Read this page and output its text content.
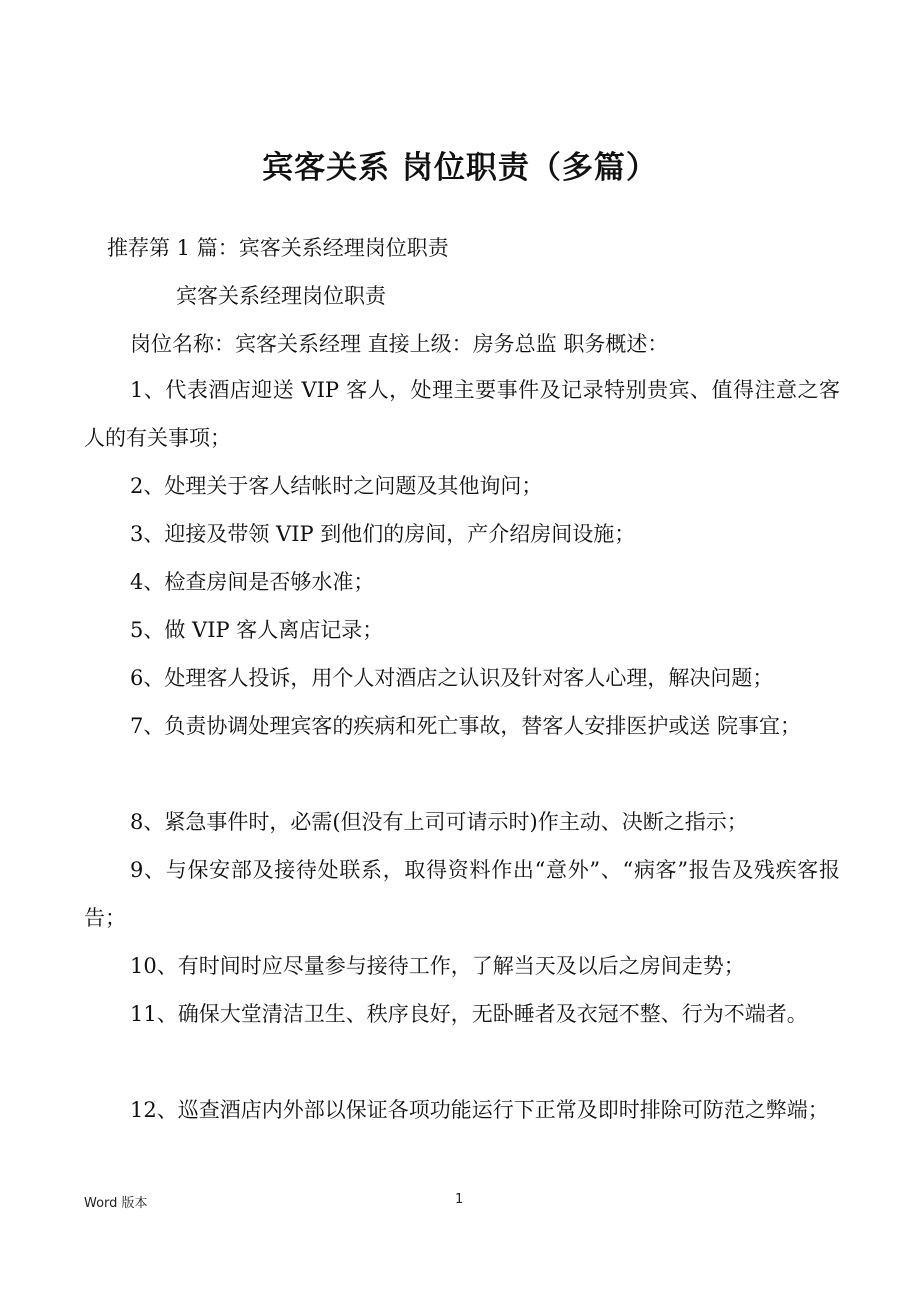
宾客关系 岗位职责（多篇）

推荐第 1 篇：宾客关系经理岗位职责

宾客关系经理岗位职责

岗位名称：宾客关系经理 直接上级：房务总监 职务概述：

1、代表酒店迎送 VIP 客人，处理主要事件及记录特别贵宾、值得注意之客人的有关事项；

2、处理关于客人结帐时之问题及其他询问；

3、迎接及带领 VIP 到他们的房间，产介绍房间设施；

4、检查房间是否够水准；

5、做 VIP 客人离店记录；

6、处理客人投诉，用个人对酒店之认识及针对客人心理，解决问题；

7、负责协调处理宾客的疾病和死亡事故，替客人安排医护或送 院事宜；

8、紧急事件时，必需(但没有上司可请示时)作主动、决断之指示；

9、与保安部及接待处联系，取得资料作出“意外”、“病客”报告及残疾客报告；

10、有时间时应尽量参与接待工作，了解当天及以后之房间走势；

11、确保大堂清洁卫生、秩序良好，无卧睡者及衣冠不整、行为不端者。

12、巡查酒店内外部以保证各项功能运行下正常及即时排除可防范之弊端；

Word 版本	1
